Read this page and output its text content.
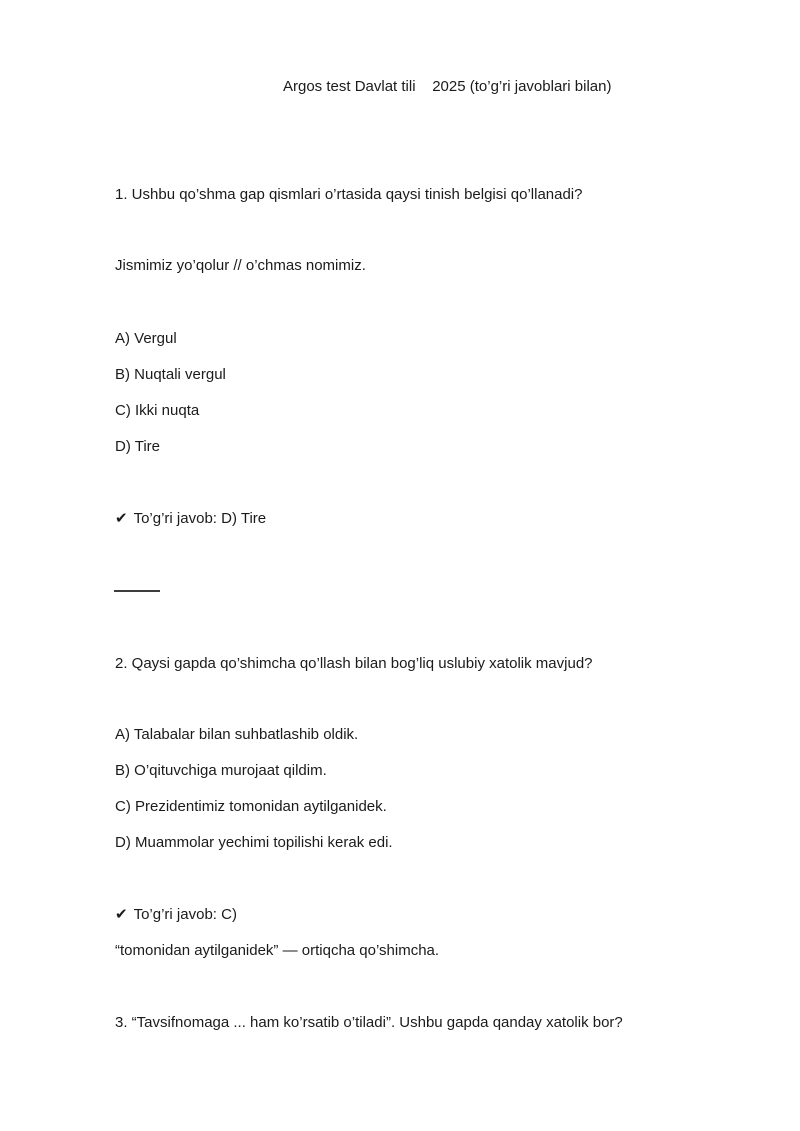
Argos test Davlat tili    2025 (to’g’ri javoblari bilan)

1. Ushbu qo’shma gap qismlari o’rtasida qaysi tinish belgisi qo’llanadi?

Jismimiz yo’qolur // o’chmas nomimiz.

A) Vergul

B) Nuqtali vergul

C) Ikki nuqta

D) Tire

✔ To’g’ri javob: D) Tire

2. Qaysi gapda qo’shimcha qo’llash bilan bog’liq uslubiy xatolik mavjud?

A) Talabalar bilan suhbatlashib oldik.

B) O’qituvchiga murojaat qildim.

C) Prezidentimiz tomonidan aytilganidek.

D) Muammolar yechimi topilishi kerak edi.

✔ To’g’ri javob: C)

“tomonidan aytilganidek” — ortiqcha qo’shimcha.

3. “Tavsifnomaga ... ham ko’rsatib o’tiladi”. Ushbu gapda qanday xatolik bor?
